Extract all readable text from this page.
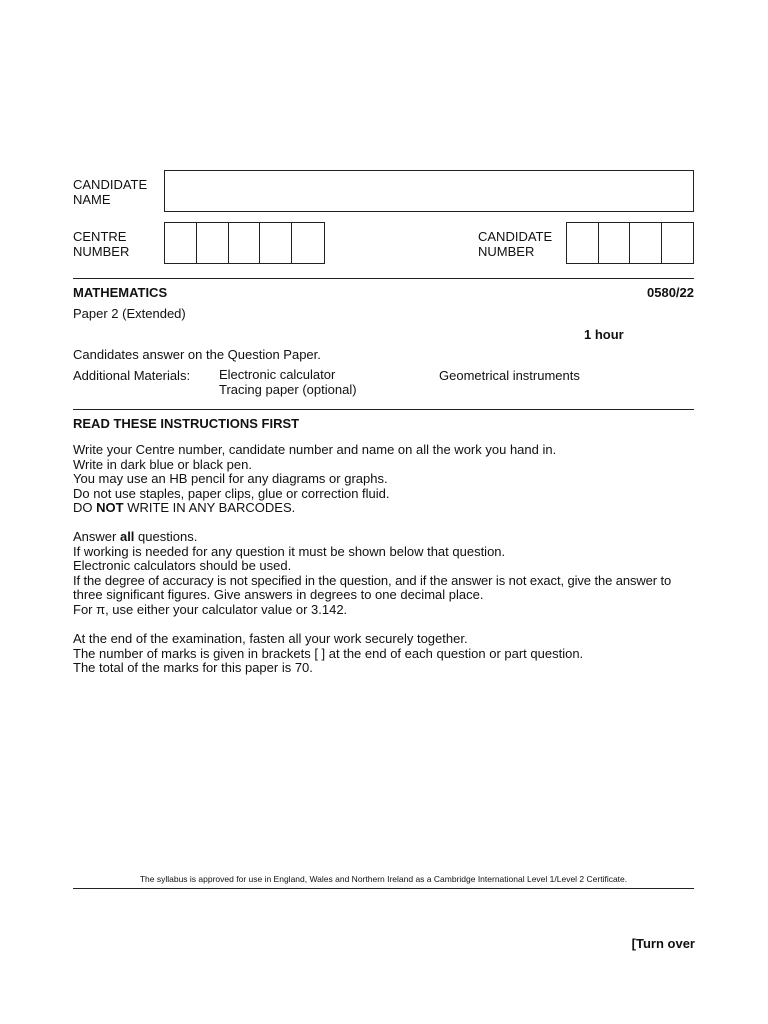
CANDIDATE
NAME
CENTRE
NUMBER
CANDIDATE
NUMBER
MATHEMATICS	0580/22
Paper 2 (Extended)
1 hour
Candidates answer on the Question Paper.
Additional Materials: Electronic calculator
Tracing paper (optional)
Geometrical instruments
READ THESE INSTRUCTIONS FIRST
Write your Centre number, candidate number and name on all the work you hand in.
Write in dark blue or black pen.
You may use an HB pencil for any diagrams or graphs.
Do not use staples, paper clips, glue or correction fluid.
DO NOT WRITE IN ANY BARCODES.
Answer all questions.
If working is needed for any question it must be shown below that question.
Electronic calculators should be used.
If the degree of accuracy is not specified in the question, and if the answer is not exact, give the answer to
three significant figures. Give answers in degrees to one decimal place.
For π, use either your calculator value or 3.142.
At the end of the examination, fasten all your work securely together.
The number of marks is given in brackets [ ] at the end of each question or part question.
The total of the marks for this paper is 70.
The syllabus is approved for use in England, Wales and Northern Ireland as a Cambridge International Level 1/Level 2 Certificate.
[Turn over
